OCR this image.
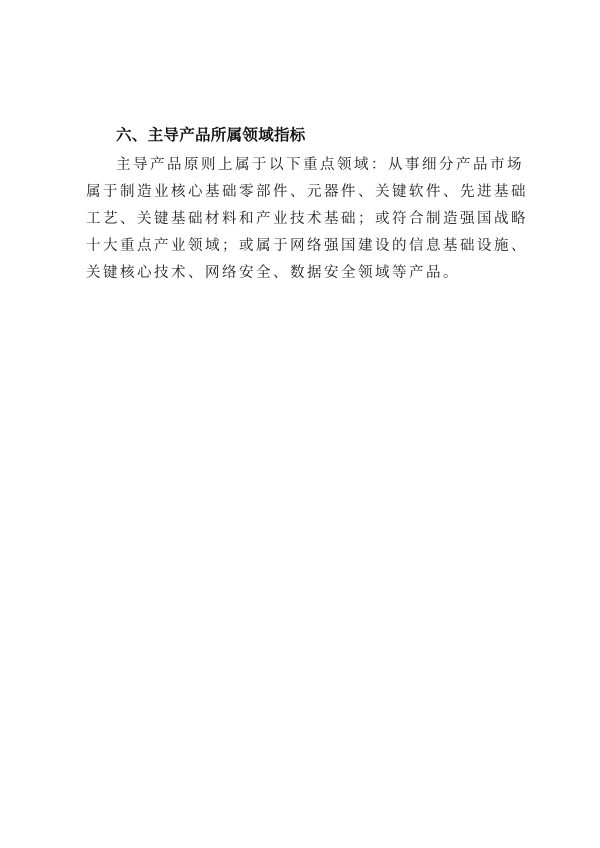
六、主导产品所属领域指标
主导产品原则上属于以下重点领域：从事细分产品市场
属于制造业核心基础零部件、元器件、关键软件、先进基础
工艺、关键基础材料和产业技术基础；或符合制造强国战略
十大重点产业领域；或属于网络强国建设的信息基础设施、
关键核心技术、网络安全、数据安全领域等产品。
